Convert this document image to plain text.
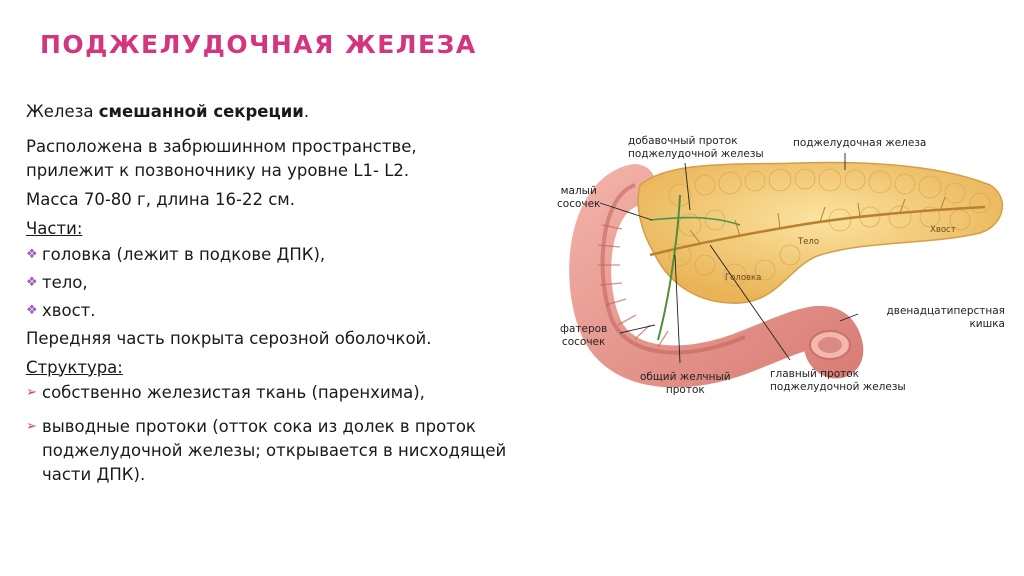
ПОДЖЕЛУДОЧНАЯ ЖЕЛЕЗА
Железа смешанной секреции.
Расположена в забрюшинном пространстве, прилежит к позвоночнику на уровне L1- L2.
Масса 70-80 г, длина 16-22 см.
Части:
❖ головка (лежит в подкове ДПК),
❖ тело,
❖ хвост.
Передняя часть покрыта серозной оболочкой.
Структура:
➢ собственно железистая ткань (паренхима),
➢ выводные протоки (отток сока из долек в проток поджелудочной железы; открывается в нисходящей части ДПК).
добавочный проток
поджелудочной железы
поджелудочная железа
малый
сосочек
двенадцатиперстная
кишка
фатеров
сосочек
общий желчный
проток
главный проток
поджелудочной железы
Тело
Хвост
Головка
